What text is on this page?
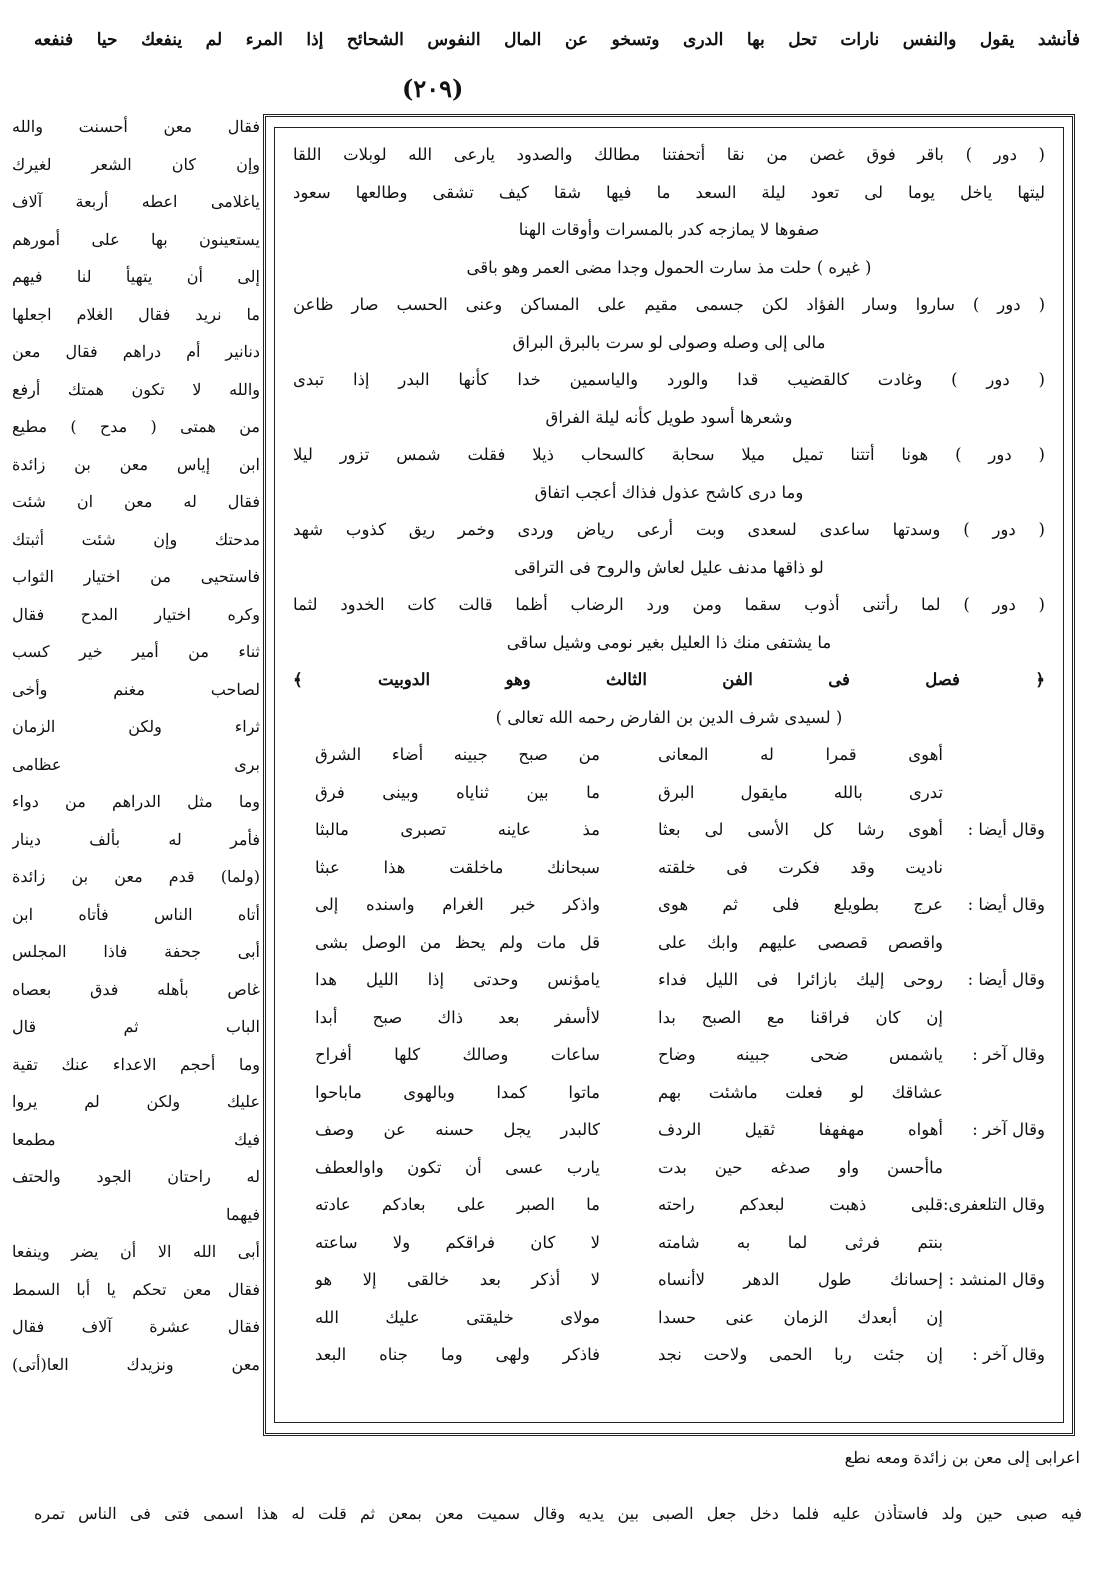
فأنشد يقول والنفس نارات تحل بها الدرى وتسخو عن المال النفوس الشحائح إذا المرء لم ينفعك حيا فنفعه
(٢٠٩)

فقال معن أحسنت والله

وإن كان الشعر لغيرك

ياغلامى اعطه أربعة آلاف

يستعينون بها على أمورهم

إلى أن يتهيأ لنا فيهم

ما نريد فقال الغلام اجعلها

دنانير أم دراهم فقال معن

والله لا تكون همتك أرفع

من همتى ( مدح ) مطيع

ابن إياس معن بن زائدة

فقال له معن ان شئت

مدحتك وإن شئت أثبتك

فاستحيى من اختيار الثواب

وكره اختيار المدح فقال

ثناء من أمير خير كسب

لصاحب مغنم وأخى

ثراء ولكن الزمان

برى عظامى

وما مثل الدراهم من دواء

فأمر له بألف دينار

(ولما) قدم معن بن زائدة

أتاه الناس فأتاه ابن

أبى جحفة فاذا المجلس

غاص بأهله فدق بعصاه

الباب ثم قال

وما أحجم الاعداء عنك تقية

عليك ولكن لم يروا

فيك مطمعا

له راحتان الجود والحتف

فيهما

أبى الله الا أن يضر وينفعا

فقال معن تحكم يا أبا السمط

فقال عشرة آلاف فقال

معن ونزيدك العا(أتى)

( دور ) باقر فوق غصن من نقا أتحفتنا مطالك والصدود يارعى الله لوبلات اللقا
ليتها ياخل يوما لى تعود ليلة السعد ما فيها شقا كيف تشقى وطالعها سعود
صفوها لا يمازجه كدر بالمسرات وأوقات الهنا
( غيره ) حلت مذ سارت الحمول وجدا مضى العمر وهو باقى
( دور ) ساروا وسار الفؤاد لكن جسمى مقيم على المساكن وعنى الحسب صار ظاعن
مالى إلى وصله وصولى لو سرت بالبرق البراق
( دور ) وغادت كالقضيب قدا والورد والياسمين خدا كأنها البدر إذا تبدى
وشعرها أسود طويل كأنه ليلة الفراق
( دور ) هونا أتتنا تميل ميلا سحابة كالسحاب ذيلا فقلت شمس تزور ليلا
وما درى كاشح عذول فذاك أعجب اتفاق
( دور ) وسدتها ساعدى لسعدى وبت أرعى رياض وردى وخمر ريق كذوب شهد
لو ذاقها مدنف عليل لعاش والروح فى التراقى
( دور ) لما رأتنى أذوب سقما ومن ورد الرضاب أظما قالت كات الخدود لثما
ما يشتفى منك ذا العليل بغير نومى وشيل ساقى
﴿ فصل فى الفن الثالث وهو الدوبيت ﴾
( لسيدى شرف الدين بن الفارض رحمه الله تعالى )
أهوى قمرا له المعانى
من صبح جبينه أضاء الشرق
تدرى بالله مايقول البرق
ما بين ثناياه وبينى فرق
وقال أيضا :
أهوى رشا كل الأسى لى بعثا
مذ عاينه تصبرى مالبثا
ناديت وقد فكرت فى خلقته
سبحانك ماخلقت هذا عبثا
وقال أيضا :
عرج بطويلع فلى ثم هوى
واذكر خبر الغرام واسنده إلى
واقصص قصصى عليهم وابك على
قل مات ولم يحظ من الوصل بشى
وقال أيضا :
روحى إليك بازائرا فى الليل فداء
يامؤنس وحدتى إذا الليل هدا
إن كان فراقنا مع الصبح بدا
لاأسفر بعد ذاك صبح أبدا
وقال آخر :
ياشمس ضحى جبينه وضاح
ساعات وصالك كلها أفراح
عشاقك لو فعلت ماشئت بهم
ماتوا كمدا وبالهوى ماباحوا
وقال آخر :
أهواه مهفهفا ثقيل الردف
كالبدر يجل حسنه عن وصف
ماأحسن واو صدغه حين بدت
يارب عسى أن تكون واوالعطف
وقال التلعفرى:
قلبى ذهبت لبعدكم راحته
ما الصبر على بعادكم عادته
بنتم فرثى لما به شامته
لا كان فراقكم ولا ساعته
وقال المنشد :
إحسانك طول الدهر لاأنساه
لا أذكر بعد خالقى إلا هو
إن أبعدك الزمان عنى حسدا
مولاى خليقتى عليك الله
وقال آخر :
إن جئت ربا الحمى ولاحت نجد
فاذكر ولهى وما جناه البعد
اعرابى إلى معن بن زائدة ومعه نطع
فيه صبى حين ولد فاستأذن عليه فلما دخل جعل الصبى بين يديه وقال سميت معن بمعن ثم قلت له هذا اسمى فتى فى الناس تمره
